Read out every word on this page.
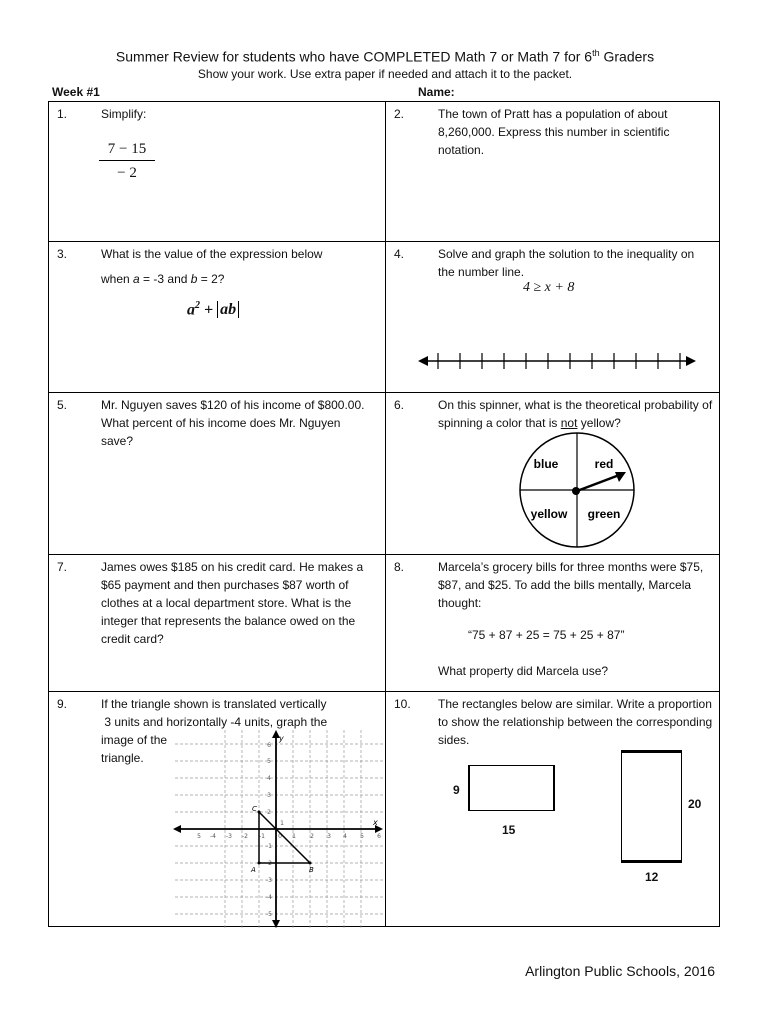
Summer Review for students who have COMPLETED Math 7 or Math 7 for 6th Graders
Show your work. Use extra paper if needed and attach it to the packet.
Week #1	Name:
1.	Simplify:
$\frac{7 - 15}{- 2}$
2.	The town of Pratt has a population of about 8,260,000. Express this number in scientific notation.
3.	What is the value of the expression below
when a = -3 and b = 2?
$a^2$ + ab
4.	Solve and graph the solution to the inequality on the number line.
4 ≥ x + 8
5.	Mr. Nguyen saves $120 of his income of $800.00. What percent of his income does Mr. Nguyen save?
6.	On this spinner, what is the theoretical probability of spinning a color that is not yellow?
blue	red
yellow green
7.	James owes $185 on his credit card. He makes a $65 payment and then purchases $87 worth of clothes at a local department store. What is the integer that represents the balance owed on the credit card?
8.	Marcela’s grocery bills for three months were $75, $87, and $25. To add the bills mentally, Marcela thought:
“75 + 87 + 25 = 75 + 25 + 87”
What property did Marcela use?
9.	If the triangle shown is translated vertically
3 units and horizontally -4 units, graph the
image of the
triangle.
5 -4 -3 -2 -1 0 1 2 3 4 5 6
6
5
4
3
2
1
-1
-2
-3
-4
-5
x
y
C
A	B
10. The rectangles below are similar. Write a proportion to show the relationship between the corresponding sides.
9
15
20
12
Arlington Public Schools, 2016
